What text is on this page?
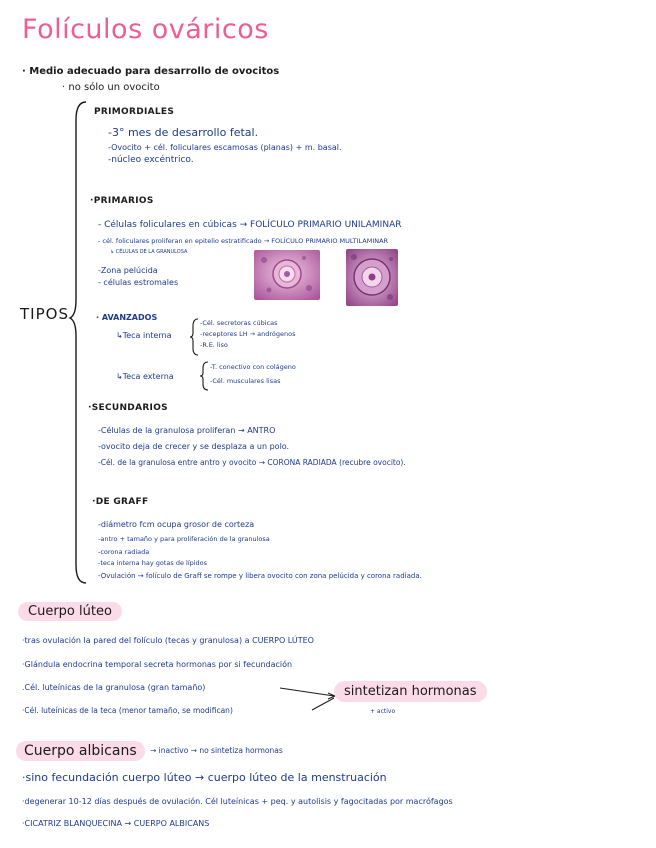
Folículos ováricos
· Medio adecuado para desarrollo de ovocitos
· no sólo un ovocito
TIPOS
PRIMORDIALES
-3° mes de desarrollo fetal.
-Ovocito + cél. foliculares escamosas (planas) + m. basal.
-núcleo excéntrico.
·PRIMARIOS
- Células foliculares en cúbicas → FOLÍCULO PRIMARIO UNILAMINAR
- cél. foliculares proliferan en epitelio estratificado → FOLÍCULO PRIMARIO MULTILAMINAR
↳ CÉLULAS DE LA GRANULOSA
-Zona pelúcida
- células estromales
· AVANZADOS
↳Teca interna
-Cél. secretoras cúbicas
-receptores LH → andrógenos
-R.E. liso
↳Teca externa
-T. conectivo con colágeno
-Cél. musculares lisas
·SECUNDARIOS
-Células de la granulosa proliferan → ANTRO
-ovocito deja de crecer y se desplaza a un polo.
-Cél. de la granulosa entre antro y ovocito → CORONA RADIADA (recubre ovocito).
·DE GRAFF
-diámetro fcm ocupa grosor de corteza
-antro + tamaño y para proliferación de la granulosa
-corona radiada
-teca interna hay gotas de lípidos
-Ovulación → folículo de Graff se rompe y libera ovocito con zona pelúcida y corona radiada.
Cuerpo lúteo
·tras ovulación la pared del folículo (tecas y granulosa) a CUERPO LÚTEO
·Glándula endocrina temporal secreta hormonas por si fecundación
.Cél. luteínicas de la granulosa (gran tamaño)
·Cél. luteínicas de la teca (menor tamaño, se modifican)
sintetizan hormonas
+ activo
Cuerpo albicans	→ inactivo → no sintetiza hormonas
·sino fecundación cuerpo lúteo → cuerpo lúteo de la menstruación
·degenerar 10-12 días después de ovulación. Cél luteínicas + peq. y autolisis y fagocitadas por macrófagos
·CICATRIZ BLANQUECINA → CUERPO ALBICANS
